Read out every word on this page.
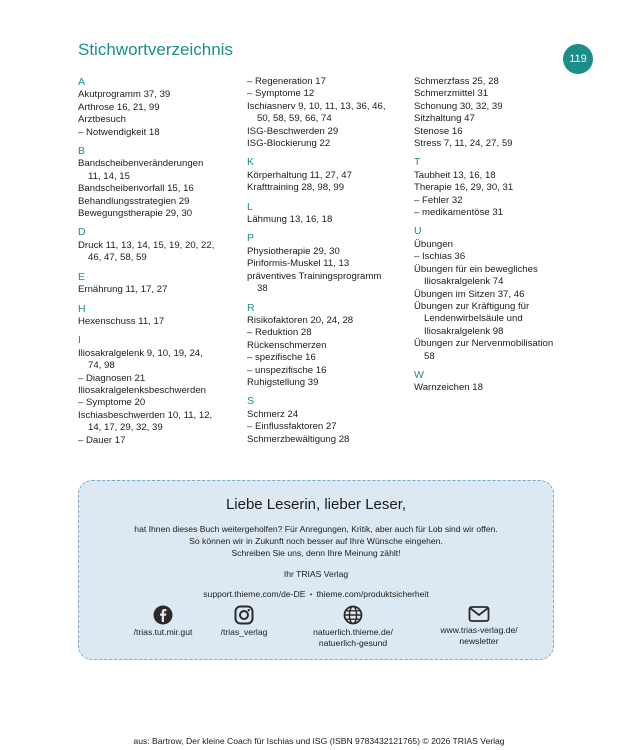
Stichwortverzeichnis	119
A
Akutprogramm 37, 39
Arthrose 16, 21, 99
Arztbesuch
– Notwendigkeit 18
B
Bandscheibenveränderungen
11, 14, 15
Bandscheibenvorfall 15, 16
Behandlungsstrategien 29
Bewegungstherapie 29, 30
D
Druck 11, 13, 14, 15, 19, 20, 22,
46, 47, 58, 59
E
Ernährung 11, 17, 27
H
Hexenschuss 11, 17
I
Iliosakralgelenk 9, 10, 19, 24,
74, 98
– Diagnosen 21
Iliosakralgelenksbeschwerden
– Symptome 20
Ischiasbeschwerden 10, 11, 12,
14, 17, 29, 32, 39
– Dauer 17
– Regeneration 17
– Symptome 12
Ischiasnerv 9, 10, 11, 13, 36, 46,
50, 58, 59, 66, 74
ISG-Beschwerden 29
ISG-Blockierung 22
K
Körperhaltung 11, 27, 47
Krafttraining 28, 98, 99
L
Lähmung 13, 16, 18
P
Physiotherapie 29, 30
Piriformis-Muskel 11, 13
präventives Trainingsprogramm
38
R
Risikofaktoren 20, 24, 28
– Reduktion 28
Rückenschmerzen
– spezifische 16
– unspezifische 16
Ruhigstellung 39
S
Schmerz 24
– Einflussfaktoren 27
Schmerzbewältigung 28
Schmerzfass 25, 28
Schmerzmittel 31
Schonung 30, 32, 39
Sitzhaltung 47
Stenose 16
Stress 7, 11, 24, 27, 59
T
Taubheit 13, 16, 18
Therapie 16, 29, 30, 31
– Fehler 32
– medikamentöse 31
U
Übungen
– Ischias 36
Übungen für ein bewegliches
Iliosakralgelenk 74
Übungen im Sitzen 37, 46
Übungen zur Kräftigung für
Lendenwirbelsäule und
Iliosakralgelenk 98
Übungen zur Nervenmobilisation
58
W
Warnzeichen 18
Liebe Leserin, lieber Leser,
hat Ihnen dieses Buch weitergeholfen? Für Anregungen, Kritik, aber auch für Lob sind wir offen.
So können wir in Zukunft noch besser auf Ihre Wünsche eingehen.
Schreiben Sie uns, denn Ihre Meinung zählt!
Ihr TRIAS Verlag
support.thieme.com/de-DE • thieme.com/produktsicherheit
/trias.tut.mir.gut	/trias_verlag	natuerlich.thieme.de/
natuerlich-gesund
www.trias-verlag.de/
newsletter
aus: Bartrow, Der kleine Coach für Ischias und ISG (ISBN 9783432121765) © 2026 TRIAS Verlag
